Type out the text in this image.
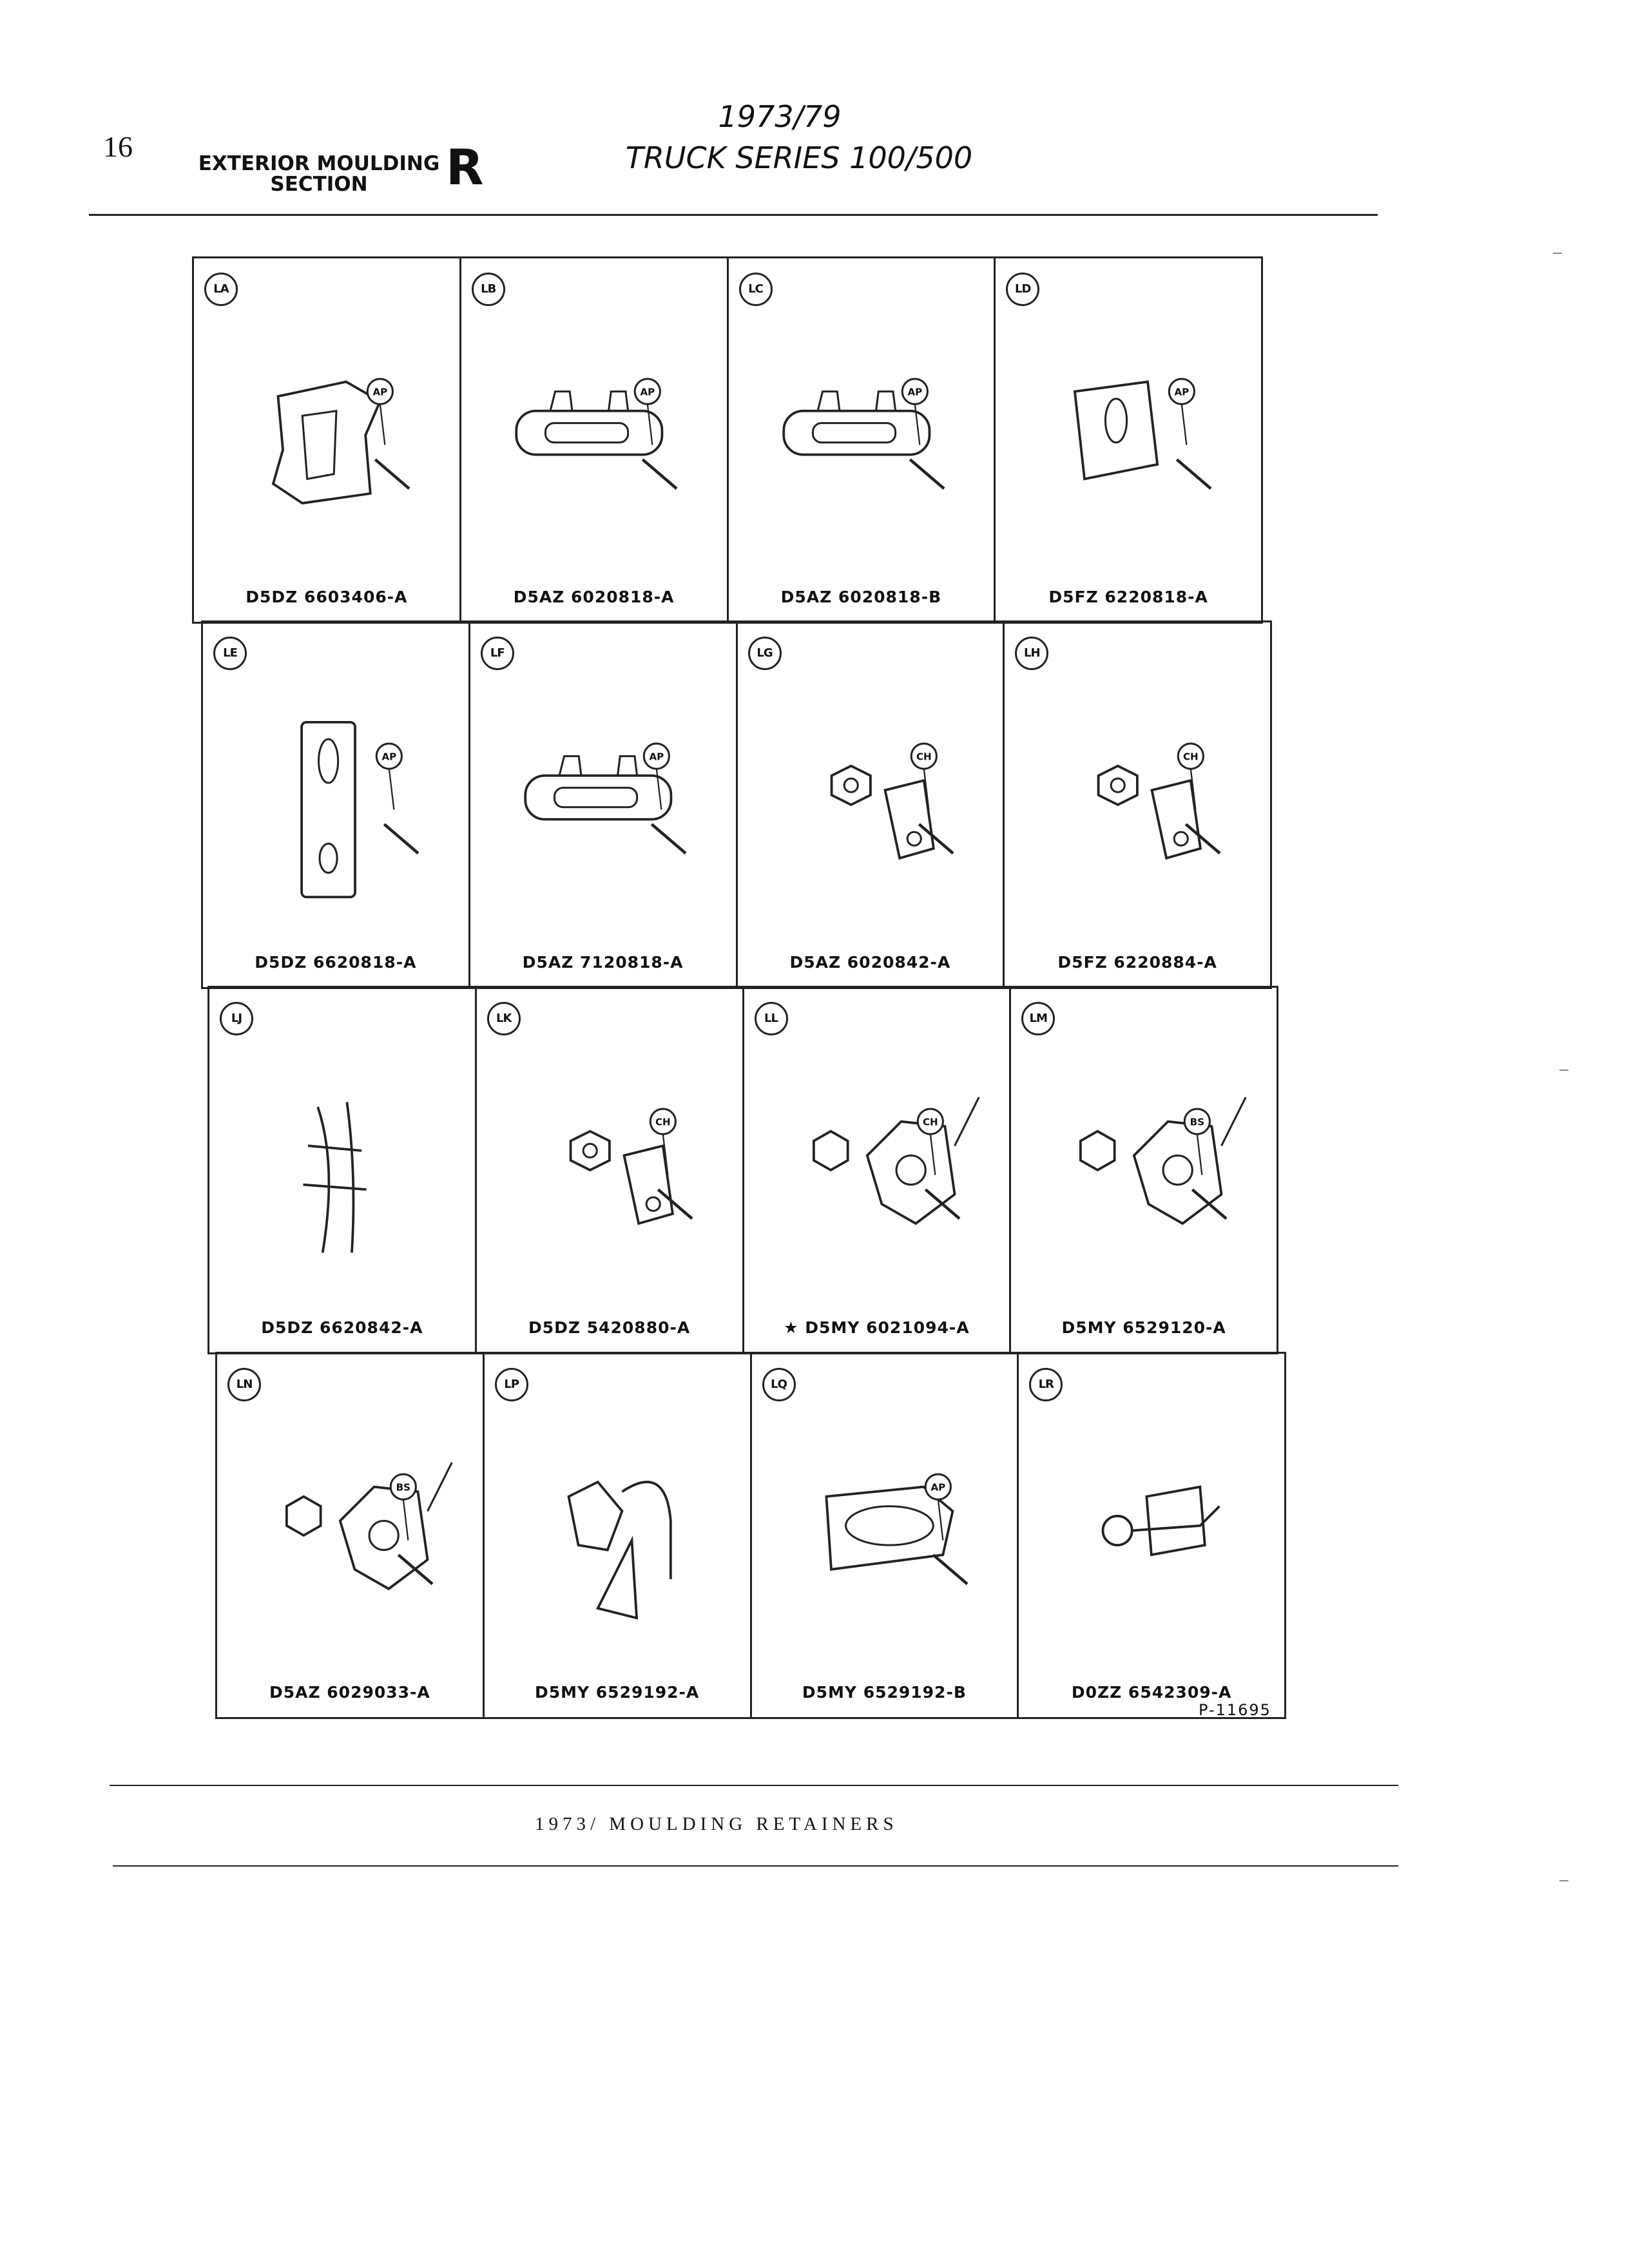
16
EXTERIOR MOULDING
SECTION	R
1973/79
TRUCK SERIES 100/500
LA
AP
D5DZ 6603406-A
LB
AP
D5AZ 6020818-A
LC
AP
D5AZ 6020818-B
LD
AP
D5FZ 6220818-A
LE
AP
D5DZ 6620818-A
LF
AP
D5AZ 7120818-A
LG
CH
D5AZ 6020842-A
LH
CH
D5FZ 6220884-A
LJ
D5DZ 6620842-A
LK
CH
D5DZ 5420880-A
LL
CH
★ D5MY 6021094-A
LM
BS
D5MY 6529120-A
LN
BS
D5AZ 6029033-A
LP
D5MY 6529192-A
LQ
AP
D5MY 6529192-B
LR
D0ZZ 6542309-A
P-11695
1973/ MOULDING RETAINERS
